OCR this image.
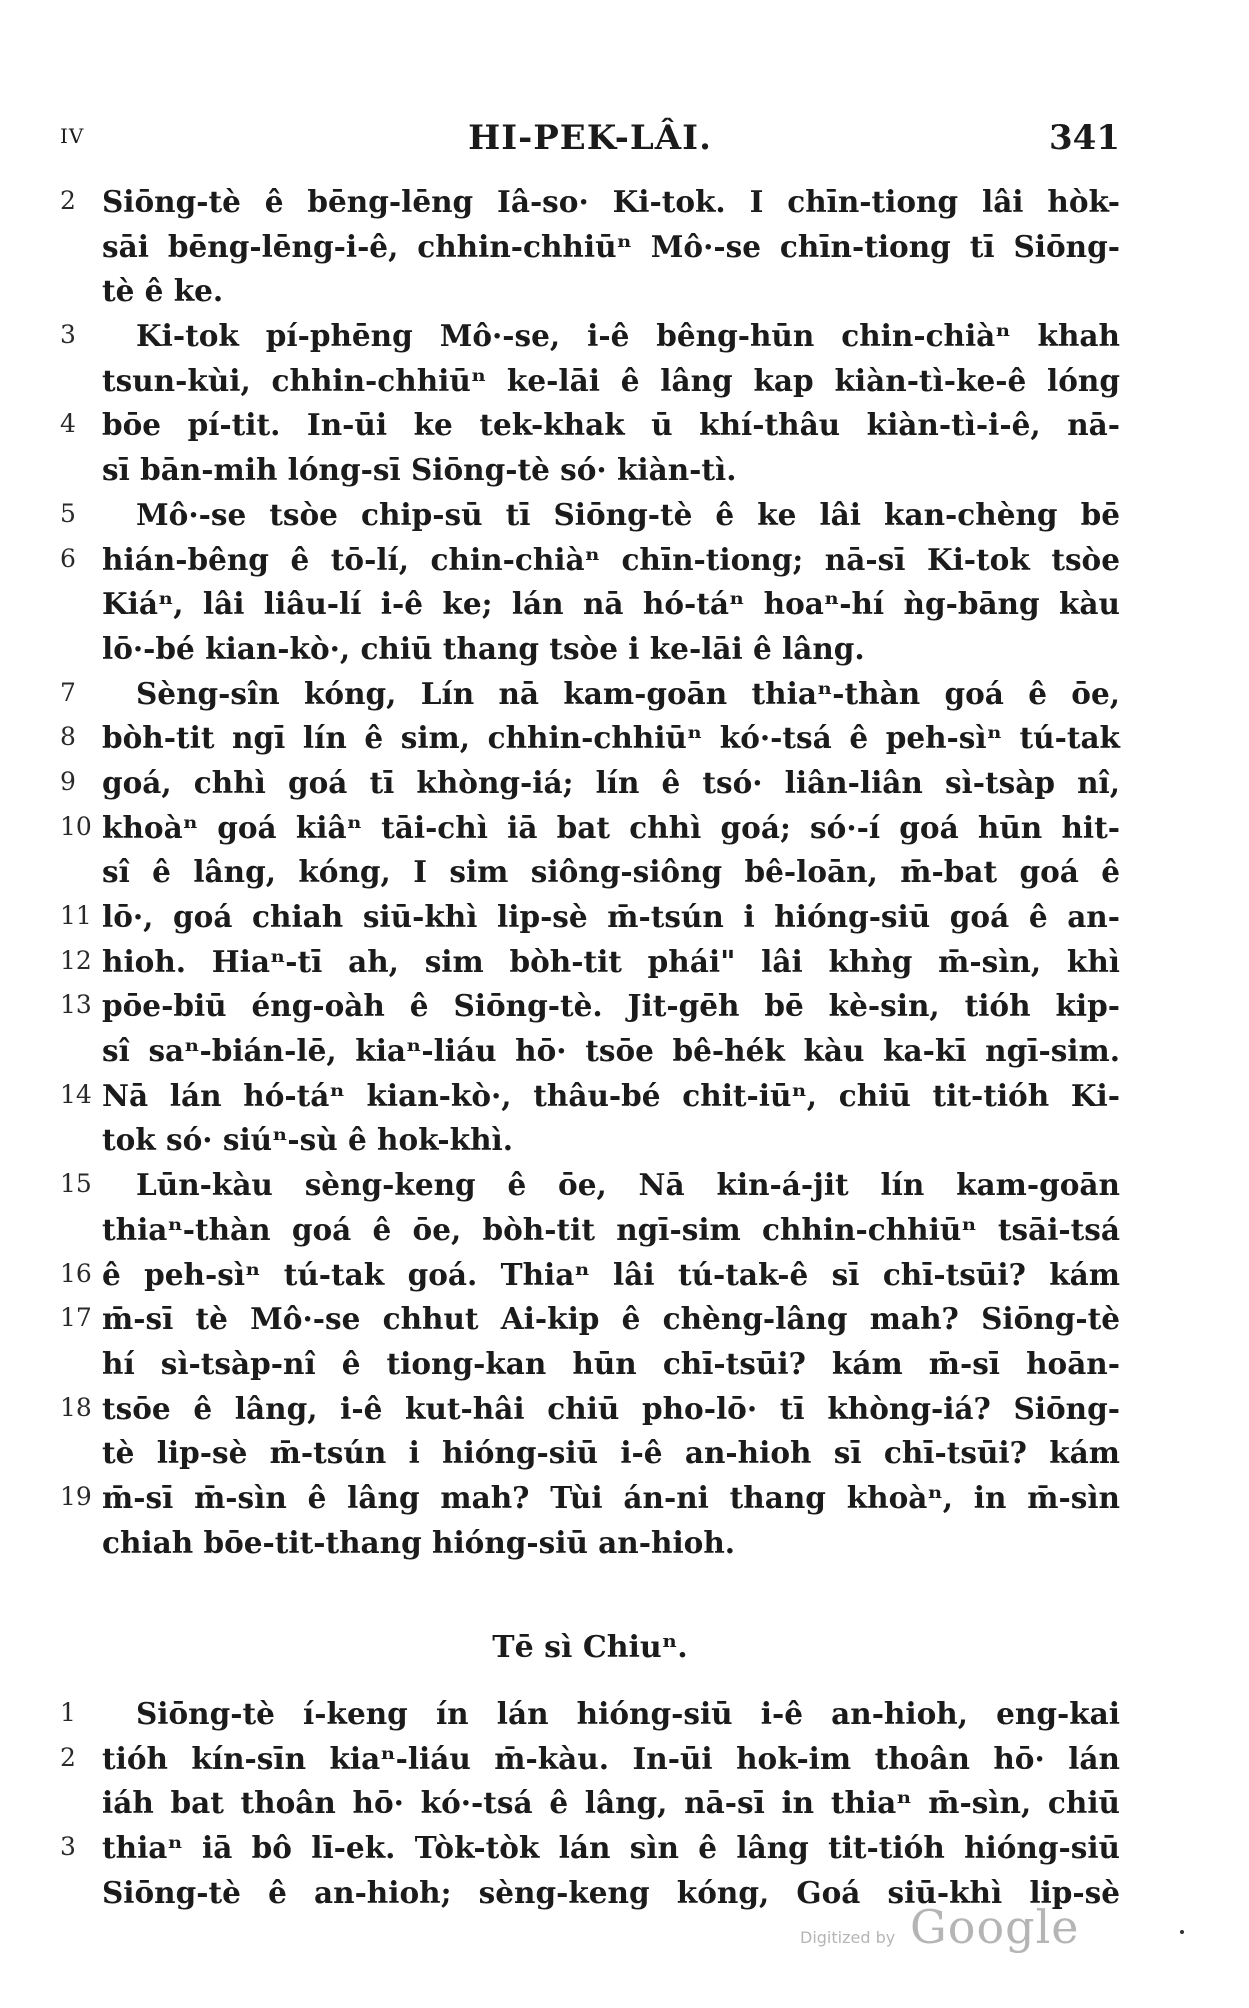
IV	HI-PEK-LÂI.	341
2 Siōng-tè ê bēng-lēng Iâ-so· Ki-tok. I chīn-tiong lâi hòk-
sāi bēng-lēng-i-ê, chhin-chhiūⁿ Mô·-se chīn-tiong tī Siōng-
tè ê ke.
3	Ki-tok pí-phēng Mô·-se, i-ê bêng-hūn chin-chiàⁿ khah
tsun-kùi, chhin-chhiūⁿ ke-lāi ê lâng kap kiàn-tì-ke-ê lóng
4 bōe pí-tit. In-ūi ke tek-khak ū khí-thâu kiàn-tì-i-ê, nā-
sī bān-mih lóng-sī Siōng-tè só· kiàn-tì.
5	Mô·-se tsòe chip-sū tī Siōng-tè ê ke lâi kan-chèng bē
6 hián-bêng ê tō-lí, chin-chiàⁿ chīn-tiong; nā-sī Ki-tok tsòe
Kiáⁿ, lâi liâu-lí i-ê ke; lán nā hó-táⁿ hoaⁿ-hí ǹg-bāng kàu
lō·-bé kian-kò·, chiū thang tsòe i ke-lāi ê lâng.
7	Sèng-sîn kóng, Lín nā kam-goān thiaⁿ-thàn goá ê ōe,
8 bòh-tit ngī lín ê sim, chhin-chhiūⁿ kó·-tsá ê peh-sìⁿ tú-tak
9 goá, chhì goá tī khòng-iá; lín ê tsó· liân-liân sì-tsàp nî,
10 khoàⁿ goá kiâⁿ tāi-chì iā bat chhì goá; só·-í goá hūn hit-
sî ê lâng, kóng, I sim siông-siông bê-loān, m̄-bat goá ê
11 lō·, goá chiah siū-khì lip-sè m̄-tsún i hióng-siū goá ê an-
12 hioh. Hiaⁿ-tī ah, sim bòh-tit phái" lâi khǹg m̄-sìn, khì
13 pōe-biū éng-oàh ê Siōng-tè. Jit-gēh bē kè-sin, tióh kip-
sî saⁿ-bián-lē, kiaⁿ-liáu hō· tsōe bê-hék kàu ka-kī ngī-sim.
14 Nā lán hó-táⁿ kian-kò·, thâu-bé chit-iūⁿ, chiū tit-tióh Ki-
tok só· siúⁿ-sù ê hok-khì.
15	Lūn-kàu sèng-keng ê ōe, Nā kin-á-jit lín kam-goān
thiaⁿ-thàn goá ê ōe, bòh-tit ngī-sim chhin-chhiūⁿ tsāi-tsá
16 ê peh-sìⁿ tú-tak goá. Thiaⁿ lâi tú-tak-ê sī chī-tsūi? kám
17 m̄-sī tè Mô·-se chhut Ai-kip ê chèng-lâng mah? Siōng-tè
hí sì-tsàp-nî ê tiong-kan hūn chī-tsūi? kám m̄-sī hoān-
18 tsōe ê lâng, i-ê kut-hâi chiū pho-lō· tī khòng-iá? Siōng-
tè lip-sè m̄-tsún i hióng-siū i-ê an-hioh sī chī-tsūi? kám
19 m̄-sī m̄-sìn ê lâng mah? Tùi án-ni thang khoàⁿ, in m̄-sìn
chiah bōe-tit-thang hióng-siū an-hioh.
Tē sì Chiuⁿ.
1	Siōng-tè í-keng ín lán hióng-siū i-ê an-hioh, eng-kai
2 tióh kín-sīn kiaⁿ-liáu m̄-kàu. In-ūi hok-im thoân hō· lán
iáh bat thoân hō· kó·-tsá ê lâng, nā-sī in thiaⁿ m̄-sìn, chiū
3 thiaⁿ iā bô lī-ek. Tòk-tòk lán sìn ê lâng tit-tióh hióng-siū
Siōng-tè ê an-hioh; sèng-keng kóng, Goá siū-khì lip-sè
Digitized by Google
